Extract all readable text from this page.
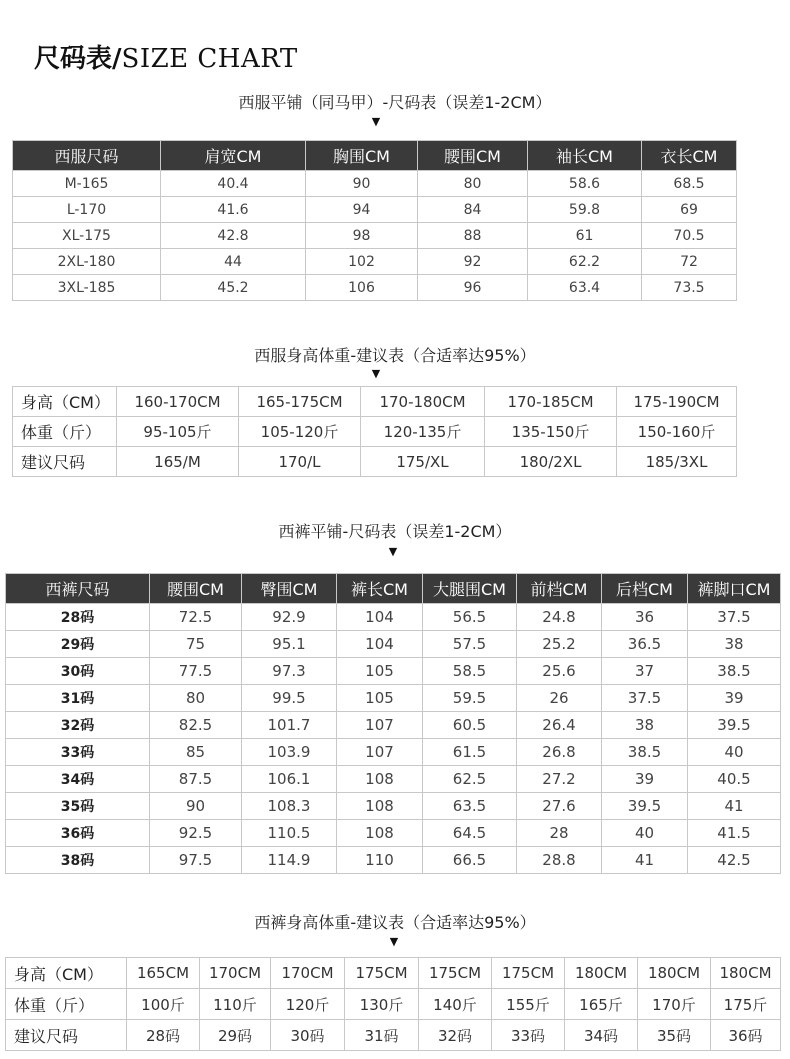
尺码表/SIZE CHART
西服平铺（同马甲）-尺码表（误差1-2CM）
▼
西服尺码	肩宽CM	胸围CM	腰围CM	袖长CM	衣长CM
M-165	40.4	90	80	58.6	68.5
L-170	41.6	94	84	59.8	69
XL-175	42.8	98	88	61	70.5
2XL-180	44	102	92	62.2	72
3XL-185	45.2	106	96	63.4	73.5
西服身高体重-建议表（合适率达95%）
▼
身高（CM）	160-170CM	165-175CM	170-180CM	170-185CM	175-190CM
体重（斤）	95-105斤	105-120斤	120-135斤	135-150斤	150-160斤
建议尺码	165/M	170/L	175/XL	180/2XL	185/3XL
西裤平铺-尺码表（误差1-2CM）
▼
西裤尺码	腰围CM	臀围CM	裤长CM	大腿围CM	前档CM	后档CM	裤脚口CM
28码	72.5	92.9	104	56.5	24.8	36	37.5
29码	75	95.1	104	57.5	25.2	36.5	38
30码	77.5	97.3	105	58.5	25.6	37	38.5
31码	80	99.5	105	59.5	26	37.5	39
32码	82.5	101.7	107	60.5	26.4	38	39.5
33码	85	103.9	107	61.5	26.8	38.5	40
34码	87.5	106.1	108	62.5	27.2	39	40.5
35码	90	108.3	108	63.5	27.6	39.5	41
36码	92.5	110.5	108	64.5	28	40	41.5
38码	97.5	114.9	110	66.5	28.8	41	42.5
西裤身高体重-建议表（合适率达95%）
▼
身高（CM）	165CM	170CM	170CM	175CM	175CM	175CM	180CM	180CM	180CM
体重（斤）	100斤	110斤	120斤	130斤	140斤	155斤	165斤	170斤	175斤
建议尺码	28码	29码	30码	31码	32码	33码	34码	35码	36码
